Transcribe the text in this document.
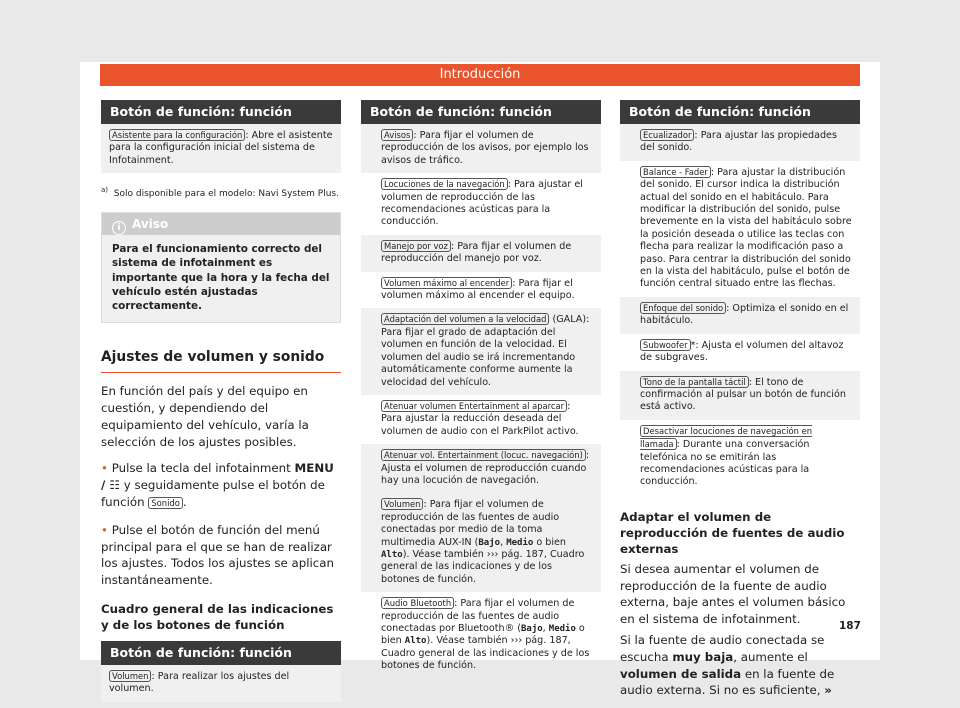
Introducción
Botón de función: función
Asistente para la configuración : Abre el asistente para la configuración inicial del sistema de Infotainment.
$^{a)}$ Solo disponible para el modelo: Navi System Plus.
i Aviso
Para el funcionamiento correcto del sistema de infotainment es importante que la hora y la fecha del vehículo estén ajustadas correctamente.
Ajustes de volumen y sonido
En función del país y del equipo en cuestión, y dependiendo del equipamiento del vehículo, varía la selección de los ajustes posibles.
• Pulse la tecla del infotainment MENU / ☷ y seguidamente pulse el botón de función Sonido .
• Pulse el botón de función del menú principal para el que se han de realizar los ajustes. Todos los ajustes se aplican instantáneamente.
Cuadro general de las indicaciones y de los botones de función
Botón de función: función
Volumen : Para realizar los ajustes del volumen.
Botón de función: función
Avisos : Para fijar el volumen de reproducción de los avisos, por ejemplo los avisos de tráfico.
Locuciones de la navegación : Para ajustar el volumen de reproducción de las recomendaciones acústicas para la conducción.
Manejo por voz : Para fijar el volumen de reproducción del manejo por voz.
Volumen máximo al encender : Para fijar el volumen máximo al encender el equipo.
Adaptación del volumen a la velocidad (GALA): Para fijar el grado de adaptación del volumen en función de la velocidad. El volumen del audio se irá incrementando automáticamente conforme aumente la velocidad del vehículo.
Atenuar volumen Entertainment al aparcar : Para ajustar la reducción deseada del volumen de audio con el ParkPilot activo.
Atenuar vol. Entertainment (locuc. navegación) : Ajusta el volumen de reproducción cuando hay una locución de navegación.
Volumen : Para fijar el volumen de reproducción de las fuentes de audio conectadas por medio de la toma multimedia AUX-IN (Bajo, Medio o bien Alto). Véase también ››› pág. 187, Cuadro general de las indicaciones y de los botones de función.
Audio Bluetooth : Para fijar el volumen de reproducción de las fuentes de audio conectadas por Bluetooth® (Bajo, Medio o bien Alto). Véase también ››› pág. 187, Cuadro general de las indicaciones y de los botones de función.
Botón de función: función
Ecualizador : Para ajustar las propiedades del sonido.
Balance - Fader : Para ajustar la distribución del sonido. El cursor indica la distribución actual del sonido en el habitáculo. Para modificar la distribución del sonido, pulse brevemente en la vista del habitáculo sobre la posición deseada o utilice las teclas con flecha para realizar la modificación paso a paso. Para centrar la distribución del sonido en la vista del habitáculo, pulse el botón de función central situado entre las flechas.
Enfoque del sonido : Optimiza el sonido en el habitáculo.
Subwoofer *: Ajusta el volumen del altavoz de subgraves.
Tono de la pantalla táctil : El tono de confirmación al pulsar un botón de función está activo.
Desactivar locuciones de navegación en llamada : Durante una conversación telefónica no se emitirán las recomendaciones acústicas para la conducción.
Adaptar el volumen de reproducción de fuentes de audio externas
Si desea aumentar el volumen de reproducción de la fuente de audio externa, baje antes el volumen básico en el sistema de infotainment.
Si la fuente de audio conectada se escucha muy baja, aumente el volumen de salida en la fuente de audio externa. Si no es suficiente, »
187
